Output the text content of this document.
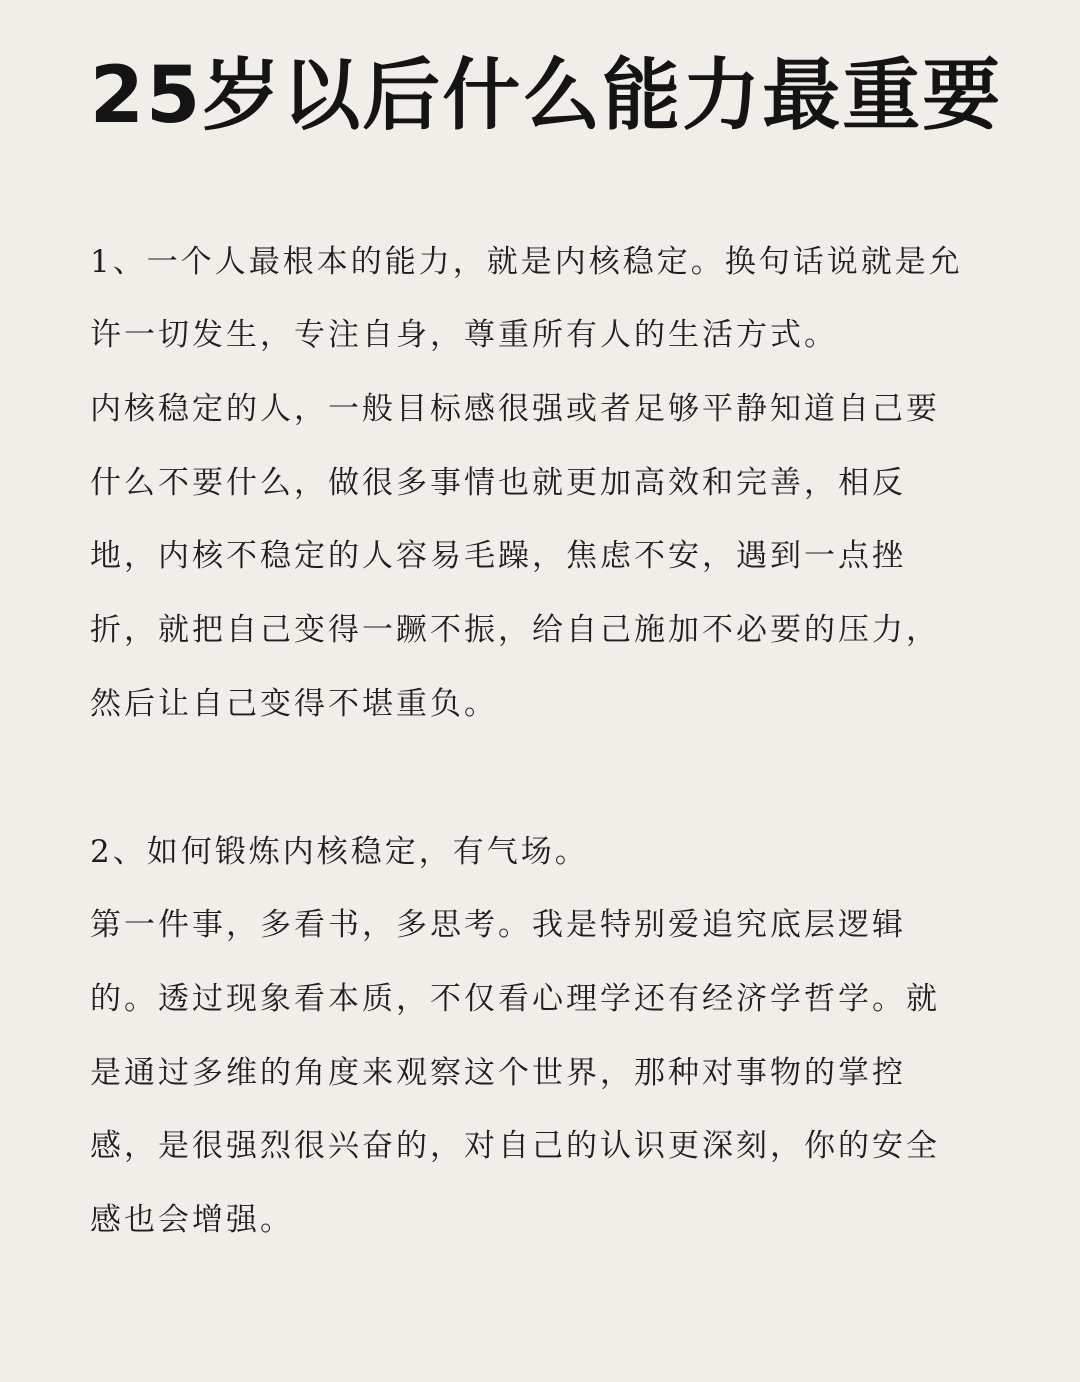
25岁以后什么能力最重要

1、一个人最根本的能力，就是内核稳定。换句话说就是允

许一切发生，专注自身，尊重所有人的生活方式。

内核稳定的人，一般目标感很强或者足够平静知道自己要

什么不要什么，做很多事情也就更加高效和完善，相反

地，内核不稳定的人容易毛躁，焦虑不安，遇到一点挫

折，就把自己变得一蹶不振，给自己施加不必要的压力，

然后让自己变得不堪重负。

2、如何锻炼内核稳定，有气场。

第一件事，多看书，多思考。我是特别爱追究底层逻辑

的。透过现象看本质，不仅看心理学还有经济学哲学。就

是通过多维的角度来观察这个世界，那种对事物的掌控

感，是很强烈很兴奋的，对自己的认识更深刻，你的安全

感也会增强。
